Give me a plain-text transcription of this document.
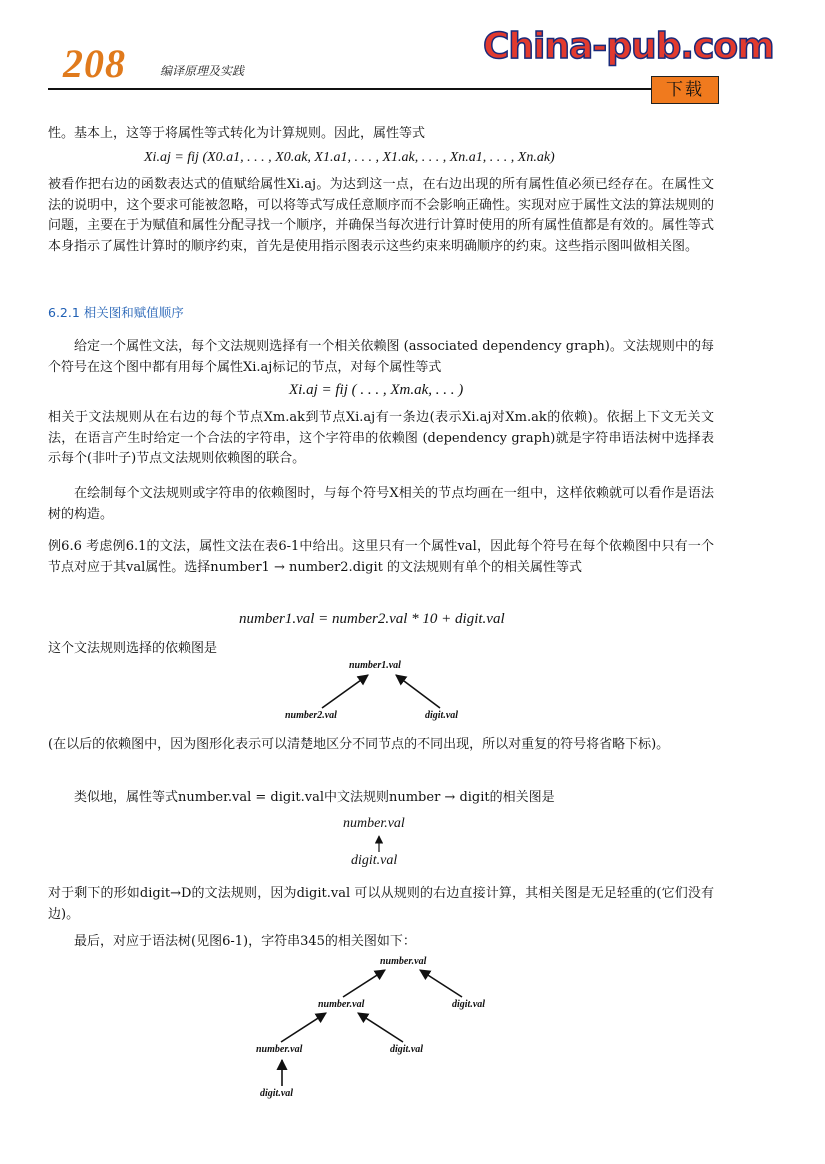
208	编译原理及实践
China-pub.com
下载
性。基本上，这等于将属性等式转化为计算规则。因此，属性等式
Xi.aj = fij (X0.a1, . . . , X0.ak, X1.a1, . . . , X1.ak, . . . , Xn.a1, . . . , Xn.ak)

被看作把右边的函数表达式的值赋给属性Xi.aj。为达到这一点，在右边出现的所有属性值必须已经存在。在属性文法的说明中，这个要求可能被忽略，可以将等式写成任意顺序而不会影响正确性。实现对应于属性文法的算法规则的问题，主要在于为赋值和属性分配寻找一个顺序，并确保当每次进行计算时使用的所有属性值都是有效的。属性等式本身指示了属性计算时的顺序约束，首先是使用指示图表示这些约束来明确顺序的约束。这些指示图叫做相关图。

6.2.1 相关图和赋值顺序

给定一个属性文法，每个文法规则选择有一个相关依赖图 (associated dependency graph)。文法规则中的每个符号在这个图中都有用每个属性Xi.aj标记的节点，对每个属性等式

Xi.aj = fij ( . . . , Xm.ak, . . . )

相关于文法规则从在右边的每个节点Xm.ak到节点Xi.aj有一条边(表示Xi.aj对Xm.ak的依赖)。依据上下文无关文法，在语言产生时给定一个合法的字符串，这个字符串的依赖图 (dependency graph)就是字符串语法树中选择表示每个(非叶子)节点文法规则依赖图的联合。

在绘制每个文法规则或字符串的依赖图时，与每个符号X相关的节点均画在一组中，这样依赖就可以看作是语法树的构造。

例6.6 考虑例6.1的文法，属性文法在表6-1中给出。这里只有一个属性val，因此每个符号在每个依赖图中只有一个节点对应于其val属性。选择number1 → number2.digit 的文法规则有单个的相关属性等式

number1.val = number2.val * 10 + digit.val
这个文法规则选择的依赖图是
number1.val
number2.val	digit.val

(在以后的依赖图中，因为图形化表示可以清楚地区分不同节点的不同出现，所以对重复的符号将省略下标)。

类似地，属性等式number.val = digit.val中文法规则number → digit的相关图是
number.val
digit.val

对于剩下的形如digit→D的文法规则，因为digit.val 可以从规则的右边直接计算，其相关图是无足轻重的(它们没有边)。

最后，对应于语法树(见图6-1)，字符串345的相关图如下：
number.val
number.val	digit.val
number.val	digit.val
digit.val
